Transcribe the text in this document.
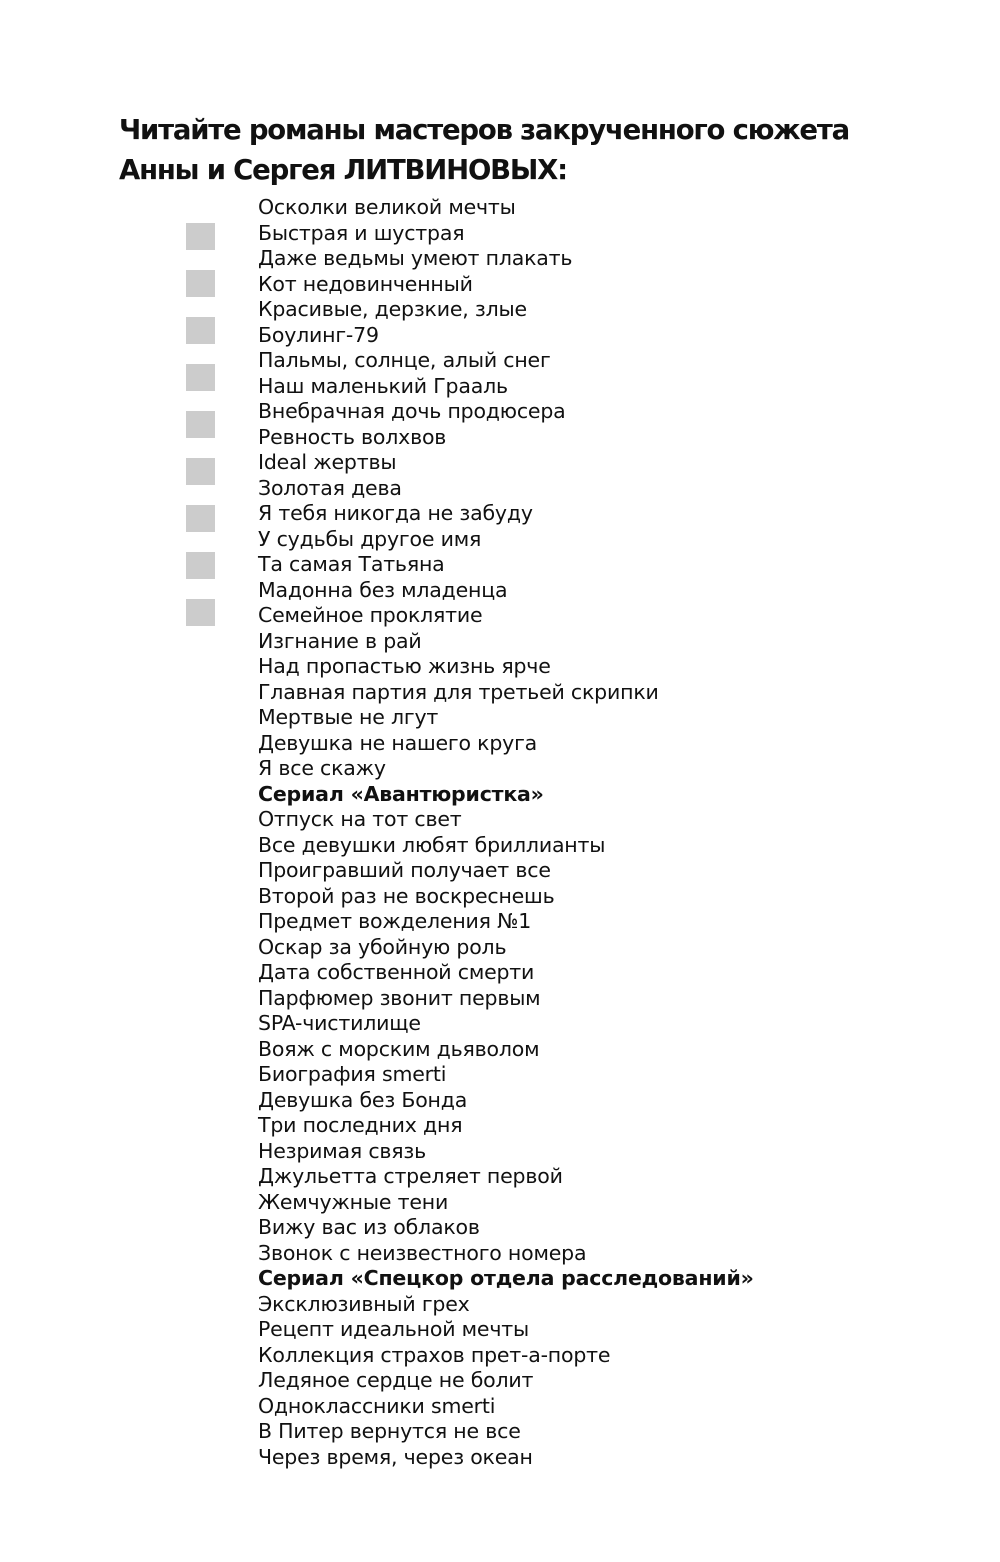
Читайте романы мастеров закрученного сюжета
Анны и Сергея ЛИТВИНОВЫХ:
Осколки великой мечты
Быстрая и шустрая
Даже ведьмы умеют плакать
Кот недовинченный
Красивые, дерзкие, злые
Боулинг-79
Пальмы, солнце, алый снег
Наш маленький Грааль
Внебрачная дочь продюсера
Ревность волхвов
Ideal жертвы
Золотая дева
Я тебя никогда не забуду
У судьбы другое имя
Та самая Татьяна
Мадонна без младенца
Семейное проклятие
Изгнание в рай
Над пропастью жизнь ярче
Главная партия для третьей скрипки
Мертвые не лгут
Девушка не нашего круга
Я все скажу
Сериал «Авантюристка»
Отпуск на тот свет
Все девушки любят бриллианты
Проигравший получает все
Второй раз не воскреснешь
Предмет вожделения №1
Оскар за убойную роль
Дата собственной смерти
Парфюмер звонит первым
SPA-чистилище
Вояж с морским дьяволом
Биография smerti
Девушка без Бонда
Три последних дня
Незримая связь
Джульетта стреляет первой
Жемчужные тени
Вижу вас из облаков
Звонок с неизвестного номера
Сериал «Спецкор отдела расследований»
Эксклюзивный грех
Рецепт идеальной мечты
Коллекция страхов прет-а-порте
Ледяное сердце не болит
Одноклассники smerti
В Питер вернутся не все
Через время, через океан
